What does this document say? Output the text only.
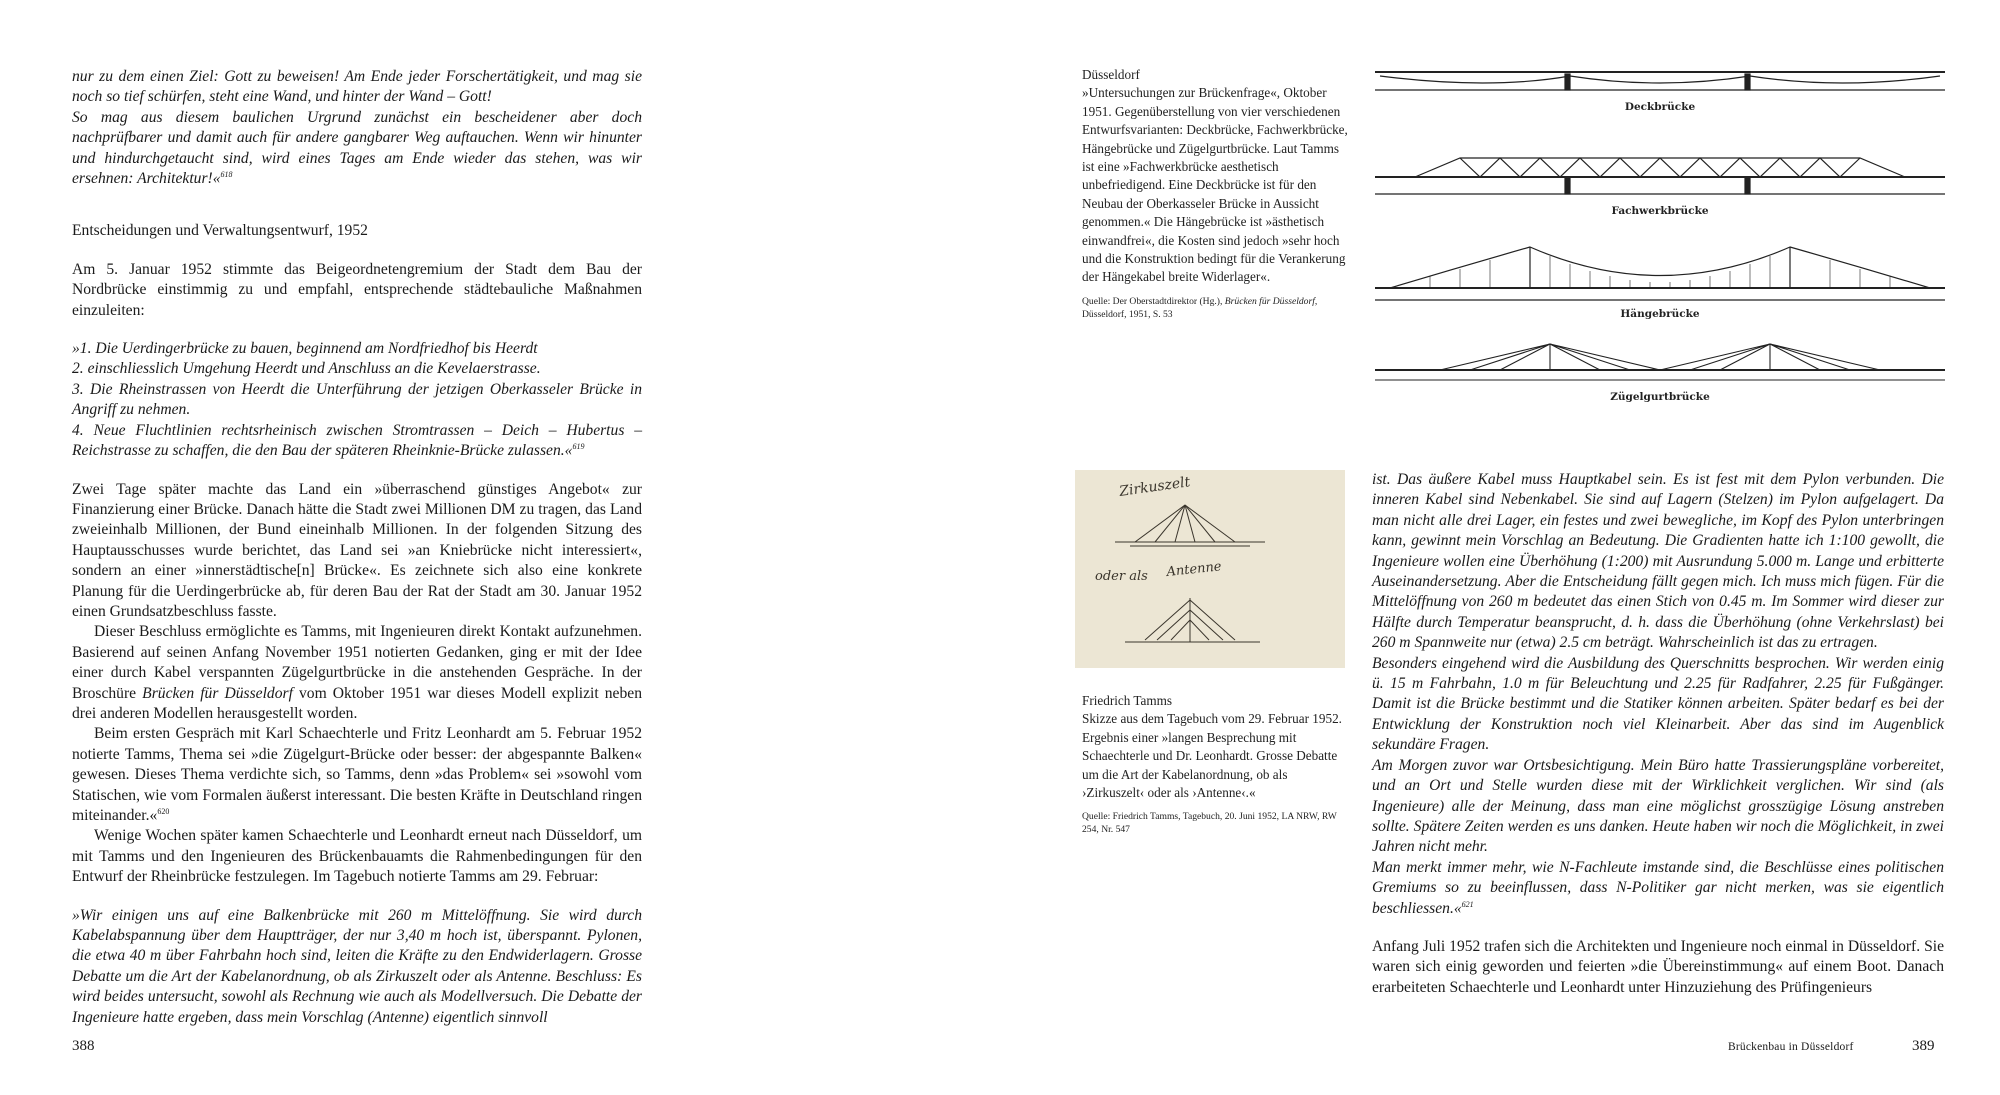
nur zu dem einen Ziel: Gott zu beweisen! Am Ende jeder Forschertätigkeit, und mag sie noch so tief schürfen, steht eine Wand, und hinter der Wand – Gott!

So mag aus diesem baulichen Urgrund zunächst ein bescheidener aber doch nachprüfbarer und damit auch für andere gangbarer Weg auftauchen. Wenn wir hinunter und hindurchgetaucht sind, wird eines Tages am Ende wieder das stehen, was wir ersehnen: Architektur!«$^{618}$

Entscheidungen und Verwaltungsentwurf, 1952

Am 5. Januar 1952 stimmte das Beigeordnetengremium der Stadt dem Bau der Nordbrücke einstimmig zu und empfahl, entsprechende städtebauliche Maßnahmen einzuleiten:

»1. Die Uerdingerbrücke zu bauen, beginnend am Nordfriedhof bis Heerdt

2. einschliesslich Umgehung Heerdt und Anschluss an die Kevelaerstrasse.

3. Die Rheinstrassen von Heerdt die Unterführung der jetzigen Oberkasseler Brücke in Angriff zu nehmen.

4. Neue Fluchtlinien rechtsrheinisch zwischen Stromtrassen – Deich – Hubertus – Reichstrasse zu schaffen, die den Bau der späteren Rheinknie-Brücke zulassen.«$^{619}$

Zwei Tage später machte das Land ein »überraschend günstiges Angebot« zur Finanzierung einer Brücke. Danach hätte die Stadt zwei Millionen DM zu tragen, das Land zweieinhalb Millionen, der Bund eineinhalb Millionen. In der folgenden Sitzung des Hauptausschusses wurde berichtet, das Land sei »an Kniebrücke nicht interessiert«, sondern an einer »innerstädtische[n] Brücke«. Es zeichnete sich also eine konkrete Planung für die Uerdingerbrücke ab, für deren Bau der Rat der Stadt am 30. Januar 1952 einen Grundsatzbeschluss fasste.

Dieser Beschluss ermöglichte es Tamms, mit Ingenieuren direkt Kontakt aufzunehmen. Basierend auf seinen Anfang November 1951 notierten Gedanken, ging er mit der Idee einer durch Kabel verspannten Zügelgurtbrücke in die anstehenden Gespräche. In der Broschüre Brücken für Düsseldorf vom Oktober 1951 war dieses Modell explizit neben drei anderen Modellen herausgestellt worden.

Beim ersten Gespräch mit Karl Schaechterle und Fritz Leonhardt am 5. Februar 1952 notierte Tamms, Thema sei »die Zügelgurt-Brücke oder besser: der abgespannte Balken« gewesen. Dieses Thema verdichte sich, so Tamms, denn »das Problem« sei »sowohl vom Statischen, wie vom Formalen äußerst interessant. Die besten Kräfte in Deutschland ringen miteinander.«$^{620}$

Wenige Wochen später kamen Schaechterle und Leonhardt erneut nach Düsseldorf, um mit Tamms und den Ingenieuren des Brückenbauamts die Rahmenbedingungen für den Entwurf der Rheinbrücke festzulegen. Im Tagebuch notierte Tamms am 29. Februar:

»Wir einigen uns auf eine Balkenbrücke mit 260 m Mittelöffnung. Sie wird durch Kabelabspannung über dem Hauptträger, der nur 3,40 m hoch ist, überspannt. Pylonen, die etwa 40 m über Fahrbahn hoch sind, leiten die Kräfte zu den Endwiderlagern. Grosse Debatte um die Art der Kabelanordnung, ob als Zirkuszelt oder als Antenne. Beschluss: Es wird beides untersucht, sowohl als Rechnung wie auch als Modellversuch. Die Debatte der Ingenieure hatte ergeben, dass mein Vorschlag (Antenne) eigentlich sinnvoll

388
Düsseldorf
»Untersuchungen zur Brückenfrage«, Oktober 1951. Gegenüberstellung von vier verschiedenen Entwurfsvarianten: Deckbrücke, Fachwerkbrücke, Hängebrücke und Zügelgurtbrücke. Laut Tamms ist eine »Fachwerkbrücke aesthetisch unbefriedigend. Eine Deckbrücke ist für den Neubau der Oberkasseler Brücke in Aussicht genommen.« Die Hängebrücke ist »ästhetisch einwandfrei«, die Kosten sind jedoch »sehr hoch und die Konstruktion bedingt für die Verankerung der Hängekabel breite Widerlager«.
Quelle: Der Oberstadtdirektor (Hg.), Brücken für Düsseldorf, Düsseldorf, 1951, S. 53
Deckbrücke
Fachwerkbrücke
Hängebrücke
Zügelgurtbrücke
Zirkuszelt
oder als Antenne
Friedrich Tamms
Skizze aus dem Tagebuch vom 29. Februar 1952. Ergebnis einer »langen Besprechung mit Schaechterle und Dr. Leonhardt. Grosse Debatte um die Art der Kabelanordnung, ob als ›Zirkuszelt‹ oder als ›Antenne‹.«
Quelle: Friedrich Tamms, Tagebuch, 20. Juni 1952, LA NRW, RW 254, Nr. 547

ist. Das äußere Kabel muss Hauptkabel sein. Es ist fest mit dem Pylon verbunden. Die inneren Kabel sind Nebenkabel. Sie sind auf Lagern (Stelzen) im Pylon aufgelagert. Da man nicht alle drei Lager, ein festes und zwei bewegliche, im Kopf des Pylon unterbringen kann, gewinnt mein Vorschlag an Bedeutung. Die Gradienten hatte ich 1:100 gewollt, die Ingenieure wollen eine Überhöhung (1:200) mit Ausrundung 5.000 m. Lange und erbitterte Auseinandersetzung. Aber die Entscheidung fällt gegen mich. Ich muss mich fügen. Für die Mittelöffnung von 260 m bedeutet das einen Stich von 0.45 m. Im Sommer wird dieser zur Hälfte durch Temperatur beansprucht, d. h. dass die Überhöhung (ohne Verkehrslast) bei 260 m Spannweite nur (etwa) 2.5 cm beträgt. Wahrscheinlich ist das zu ertragen.

Besonders eingehend wird die Ausbildung des Querschnitts besprochen. Wir werden einig ü. 15 m Fahrbahn, 1.0 m für Beleuchtung und 2.25 für Radfahrer, 2.25 für Fußgänger. Damit ist die Brücke bestimmt und die Statiker können arbeiten. Später bedarf es bei der Entwicklung der Konstruktion noch viel Kleinarbeit. Aber das sind im Augenblick sekundäre Fragen.

Am Morgen zuvor war Ortsbesichtigung. Mein Büro hatte Trassierungspläne vorbereitet, und an Ort und Stelle wurden diese mit der Wirklichkeit verglichen. Wir sind (als Ingenieure) alle der Meinung, dass man eine möglichst grosszügige Lösung anstreben sollte. Spätere Zeiten werden es uns danken. Heute haben wir noch die Möglichkeit, in zwei Jahren nicht mehr.

Man merkt immer mehr, wie N-Fachleute imstande sind, die Beschlüsse eines politischen Gremiums so zu beeinflussen, dass N-Politiker gar nicht merken, was sie eigentlich beschliessen.«$^{621}$

Anfang Juli 1952 trafen sich die Architekten und Ingenieure noch einmal in Düsseldorf. Sie waren sich einig geworden und feierten »die Übereinstimmung« auf einem Boot. Danach erarbeiteten Schaechterle und Leonhardt unter Hinzuziehung des Prüfingenieurs

Brückenbau in Düsseldorf	389
